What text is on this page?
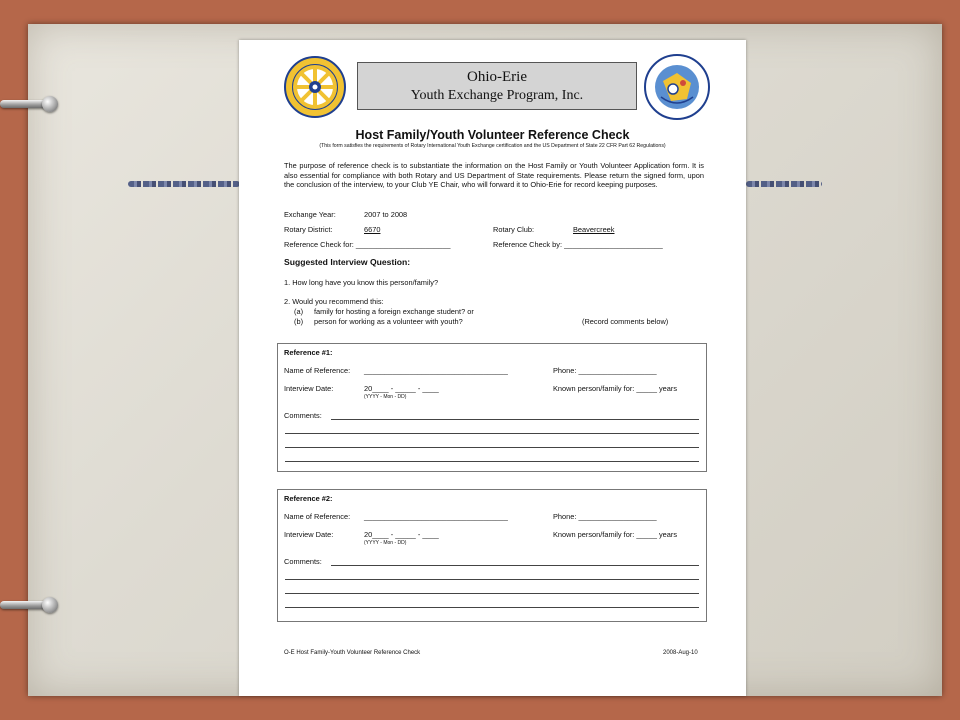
Ohio-Erie
Youth Exchange Program, Inc.
Host Family/Youth Volunteer Reference Check
(This form satisfies the requirements of Rotary International Youth Exchange certification and the US Department of State 22 CFR Part 62 Regulations)
The purpose of reference check is to substantiate the information on the Host Family or Youth Volunteer Application form. It is also essential for compliance with both Rotary and US Department of State requirements. Please return the signed form, upon the conclusion of the interview, to your Club YE Chair, who will forward it to Ohio-Erie for record keeping purposes.
Exchange Year:	2007 to 2008
Rotary District:	6670	Rotary Club:	Beavercreek
Reference Check for: _______________________	Reference Check by: ________________________
Suggested Interview Question:
1. How long have you know this person/family?
2. Would you recommend this:
(a) family for hosting a foreign exchange student? or
(b) person for working as a volunteer with youth?	(Record comments below)
Reference #1:
Name of Reference: ___________________________________	Phone: ___________________
Interview Date:	20____ - _____ - ____
(YYYY - Mon - DD)
Known person/family for: _____ years
Comments:
Reference #2:
Name of Reference: ___________________________________	Phone: ___________________
Interview Date:	20____ - _____ - ____
(YYYY - Mon - DD)
Known person/family for: _____ years
Comments:
O-E Host Family-Youth Volunteer Reference Check	2008-Aug-10
